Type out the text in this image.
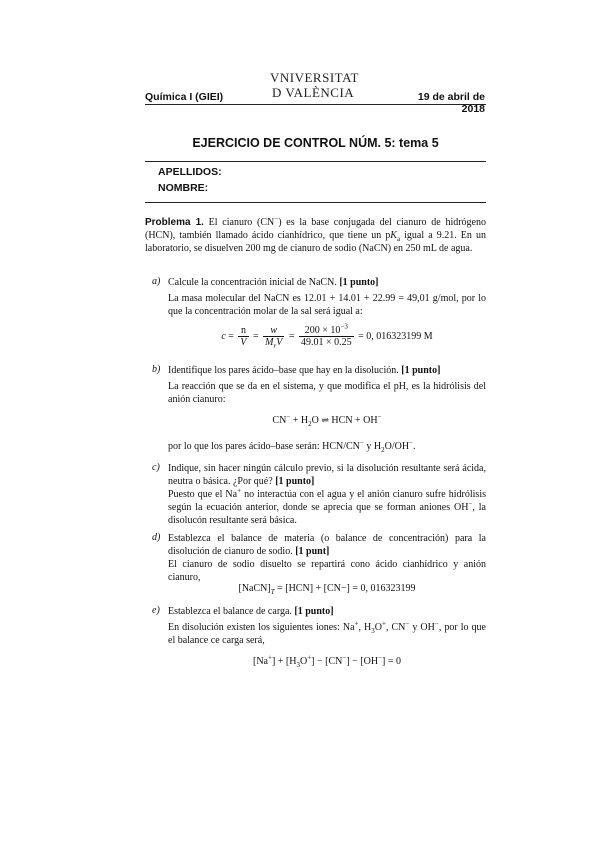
Química I (GIEI)
VNIVERSITAT
D VALÈNCIA	19 de abril de 2018
EJERCICIO DE CONTROL NÚM. 5: tema 5
APELLIDOS:
NOMBRE:
Problema 1. El cianuro (CN−) es la base conjugada del cianuro de hidrógeno (HCN), también llamado ácido cianhídrico, que tiene un $pK_a$ igual a 9.21. En un laboratorio, se disuelven 200 mg de cianuro de sodio (NaCN) en 250 mL de agua.
a) Calcule la concentración inicial de NaCN. [1 punto]
La masa molecular del NaCN es 12.01 + 14.01 + 22.99 = 49,01 g/mol, por lo que la concentración molar de la sal será igual a:
$c = \frac{n}{V} = \frac{w}{M_rV} = \frac{200 \times 10^{-3}}{49.01 \times 0.25} = 0$, 016323199 M
b) Identifique los pares ácido–base que hay en la disolución. [1 punto]
La reacción que se da en el sistema, y que modifica el pH, es la hidrólisis del anión cianuro:
$CN^- + H_2O$ ⇌ HCN + OH−
por lo que los pares ácido–base serán: HCN/CN− y $H_2O/OH^-$.
c) Indique, sin hacer ningún cálculo previo, si la disolución resultante será ácida, neutra o básica. ¿Por qué? [1 punto]
Puesto que el Na+ no interactúa con el agua y el anión cianuro sufre hidrólisis según la ecuación anterior, donde se aprecia que se forman aniones OH−, la disolucón resultante será básica.
d) Establezca el balance de materia (o balance de concentración) para la disolución de cianuro de sodio. [1 punt]
El cianuro de sodio disuelto se repartirá cono ácido cianhídrico y anión cianuro,
$[NaCN]_T = [HCN] + [CN-] = 0$, 016323199
e) Establezca el balance de carga. [1 punto]
En disolución existen los siguientes iones: Na+, $H_3O^+$, CN− y OH−, por lo que el balance ce carga será,
$[Na^+] + [H_3O^+] - [CN^-] - [OH^-] = 0$
